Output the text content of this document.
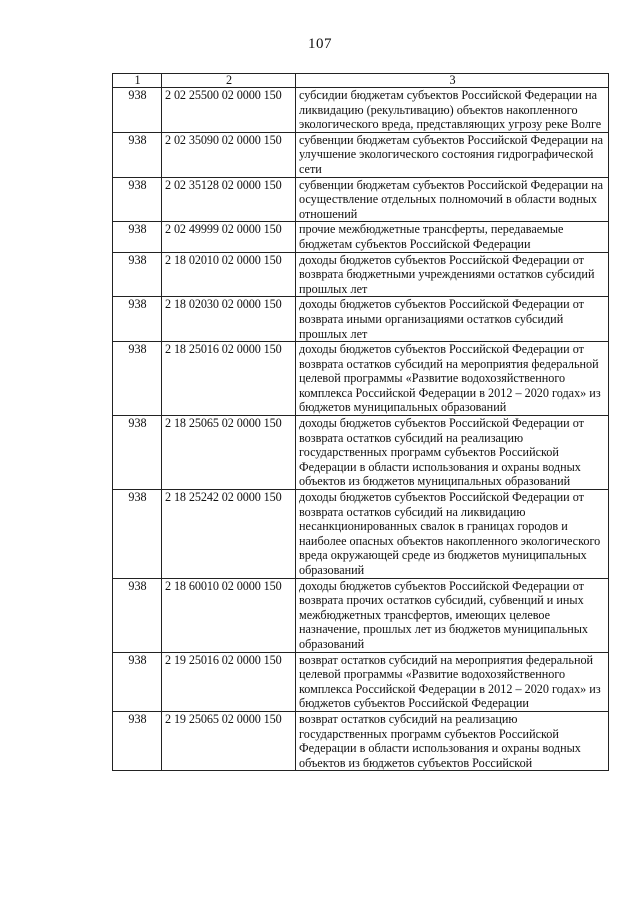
107
1	2	3
938	2 02 25500 02 0000 150	субсидии бюджетам субъектов Российской Федерации на ликвидацию (рекультивацию) объектов накопленного экологического вреда, представляющих угрозу реке Волге
938	2 02 35090 02 0000 150	субвенции бюджетам субъектов Российской Федерации на улучшение экологического состояния гидрографической сети
938	2 02 35128 02 0000 150	субвенции бюджетам субъектов Российской Федерации на осуществление отдельных полномочий в области водных отношений
938	2 02 49999 02 0000 150	прочие межбюджетные трансферты, передаваемые бюджетам субъектов Российской Федерации
938	2 18 02010 02 0000 150	доходы бюджетов субъектов Российской Федерации от возврата бюджетными учреждениями остатков субсидий прошлых лет
938	2 18 02030 02 0000 150	доходы бюджетов субъектов Российской Федерации от возврата иными организациями остатков субсидий прошлых лет
938	2 18 25016 02 0000 150	доходы бюджетов субъектов Российской Федерации от возврата остатков субсидий на мероприятия федеральной целевой программы «Развитие водохозяйственного комплекса Российской Федерации в 2012 – 2020 годах» из бюджетов муниципальных образований
938	2 18 25065 02 0000 150	доходы бюджетов субъектов Российской Федерации от возврата остатков субсидий на реализацию государственных программ субъектов Российской Федерации в области использования и охраны водных объектов из бюджетов муниципальных образований
938	2 18 25242 02 0000 150	доходы бюджетов субъектов Российской Федерации от возврата остатков субсидий на ликвидацию несанкционированных свалок в границах городов и наиболее опасных объектов накопленного экологического вреда окружающей среде из бюджетов муниципальных образований
938	2 18 60010 02 0000 150	доходы бюджетов субъектов Российской Федерации от возврата прочих остатков субсидий, субвенций и иных межбюджетных трансфертов, имеющих целевое назначение, прошлых лет из бюджетов муниципальных образований
938	2 19 25016 02 0000 150	возврат остатков субсидий на мероприятия федеральной целевой программы «Развитие водохозяйственного комплекса Российской Федерации в 2012 – 2020 годах» из бюджетов субъектов Российской Федерации
938	2 19 25065 02 0000 150	возврат остатков субсидий на реализацию государственных программ субъектов Российской Федерации в области использования и охраны водных объектов из бюджетов субъектов Российской
